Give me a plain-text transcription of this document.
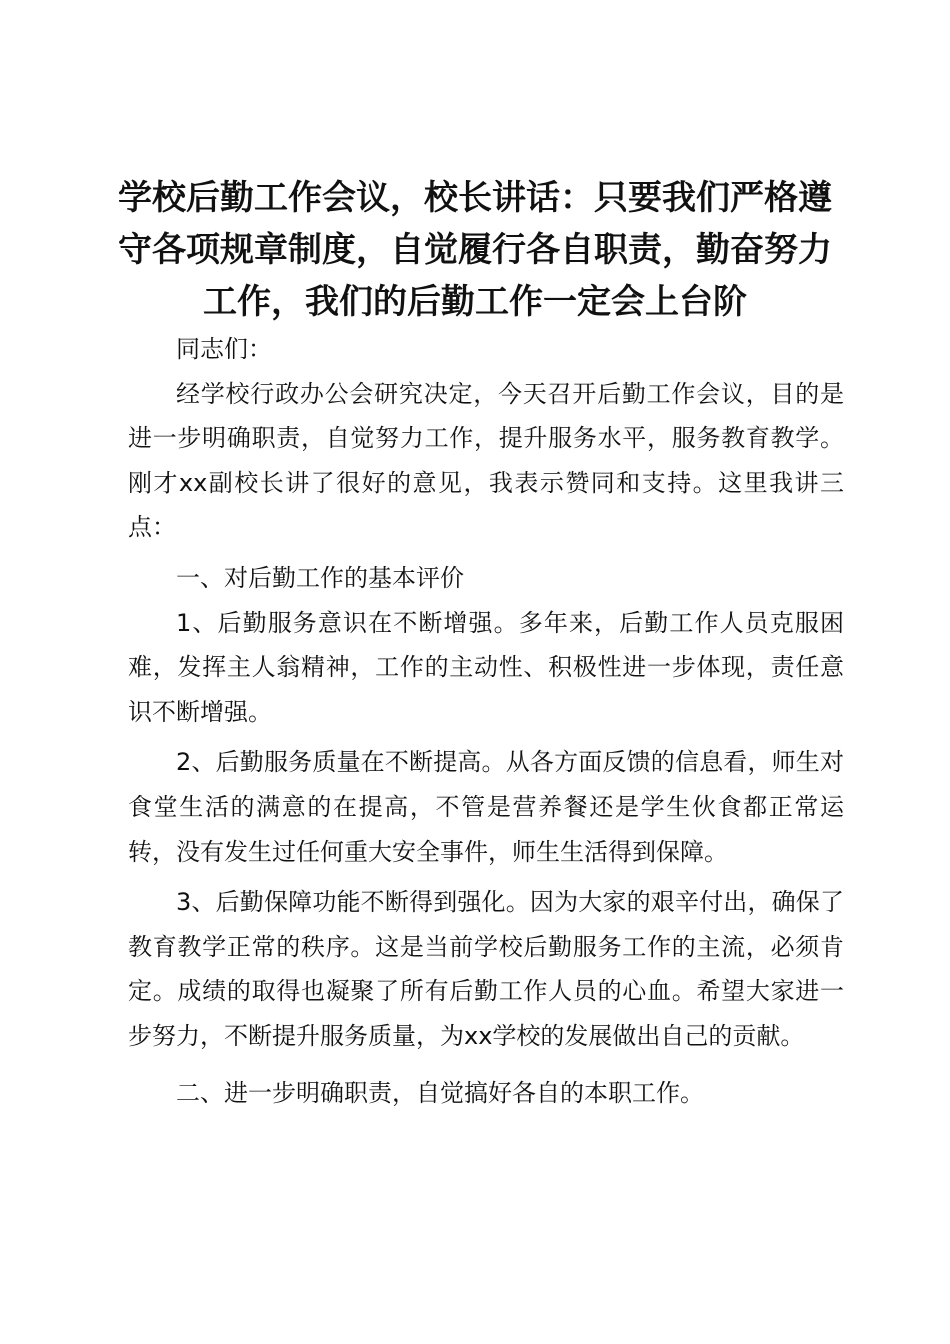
学校后勤工作会议，校长讲话：只要我们严格遵守各项规章制度，自觉履行各自职责，勤奋努力工作，我们的后勤工作一定会上台阶

同志们：

经学校行政办公会研究决定，今天召开后勤工作会议，目的是进一步明确职责，自觉努力工作，提升服务水平，服务教育教学。刚才xx副校长讲了很好的意见，我表示赞同和支持。这里我讲三点：

一、对后勤工作的基本评价

1、后勤服务意识在不断增强。多年来，后勤工作人员克服困难，发挥主人翁精神，工作的主动性、积极性进一步体现，责任意识不断增强。

2、后勤服务质量在不断提高。从各方面反馈的信息看，师生对食堂生活的满意的在提高，不管是营养餐还是学生伙食都正常运转，没有发生过任何重大安全事件，师生生活得到保障。

3、后勤保障功能不断得到强化。因为大家的艰辛付出，确保了教育教学正常的秩序。这是当前学校后勤服务工作的主流，必须肯定。成绩的取得也凝聚了所有后勤工作人员的心血。希望大家进一步努力，不断提升服务质量，为xx学校的发展做出自己的贡献。

二、进一步明确职责，自觉搞好各自的本职工作。
